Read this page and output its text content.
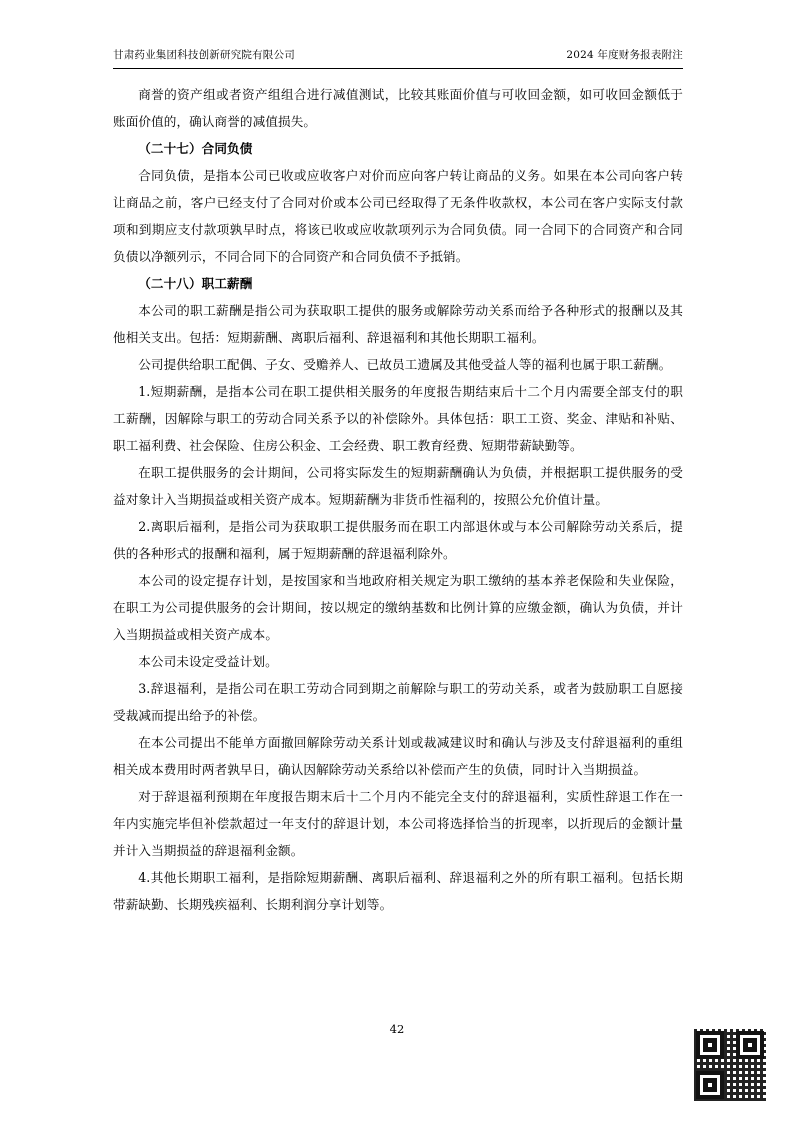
甘肃药业集团科技创新研究院有限公司	2024 年度财务报表附注

商誉的资产组或者资产组组合进行减值测试，比较其账面价值与可收回金额，如可收回金额低于账面价值的，确认商誉的减值损失。

（二十七）合同负债

合同负债，是指本公司已收或应收客户对价而应向客户转让商品的义务。如果在本公司向客户转让商品之前，客户已经支付了合同对价或本公司已经取得了无条件收款权，本公司在客户实际支付款项和到期应支付款项孰早时点，将该已收或应收款项列示为合同负债。同一合同下的合同资产和合同负债以净额列示，不同合同下的合同资产和合同负债不予抵销。

（二十八）职工薪酬

本公司的职工薪酬是指公司为获取职工提供的服务或解除劳动关系而给予各种形式的报酬以及其他相关支出。包括：短期薪酬、离职后福利、辞退福利和其他长期职工福利。

公司提供给职工配偶、子女、受赡养人、已故员工遗属及其他受益人等的福利也属于职工薪酬。

1.短期薪酬，是指本公司在职工提供相关服务的年度报告期结束后十二个月内需要全部支付的职工薪酬，因解除与职工的劳动合同关系予以的补偿除外。具体包括：职工工资、奖金、津贴和补贴、职工福利费、社会保险、住房公积金、工会经费、职工教育经费、短期带薪缺勤等。

在职工提供服务的会计期间，公司将实际发生的短期薪酬确认为负债，并根据职工提供服务的受益对象计入当期损益或相关资产成本。短期薪酬为非货币性福利的，按照公允价值计量。

2.离职后福利，是指公司为获取职工提供服务而在职工内部退休或与本公司解除劳动关系后，提供的各种形式的报酬和福利，属于短期薪酬的辞退福利除外。

本公司的设定提存计划，是按国家和当地政府相关规定为职工缴纳的基本养老保险和失业保险，在职工为公司提供服务的会计期间，按以规定的缴纳基数和比例计算的应缴金额，确认为负债，并计入当期损益或相关资产成本。

本公司未设定受益计划。

3.辞退福利，是指公司在职工劳动合同到期之前解除与职工的劳动关系，或者为鼓励职工自愿接受裁减而提出给予的补偿。

在本公司提出不能单方面撤回解除劳动关系计划或裁减建议时和确认与涉及支付辞退福利的重组相关成本费用时两者孰早日，确认因解除劳动关系给以补偿而产生的负债，同时计入当期损益。

对于辞退福利预期在年度报告期末后十二个月内不能完全支付的辞退福利，实质性辞退工作在一年内实施完毕但补偿款超过一年支付的辞退计划，本公司将选择恰当的折现率，以折现后的金额计量并计入当期损益的辞退福利金额。

4.其他长期职工福利，是指除短期薪酬、离职后福利、辞退福利之外的所有职工福利。包括长期带薪缺勤、长期残疾福利、长期利润分享计划等。

42
